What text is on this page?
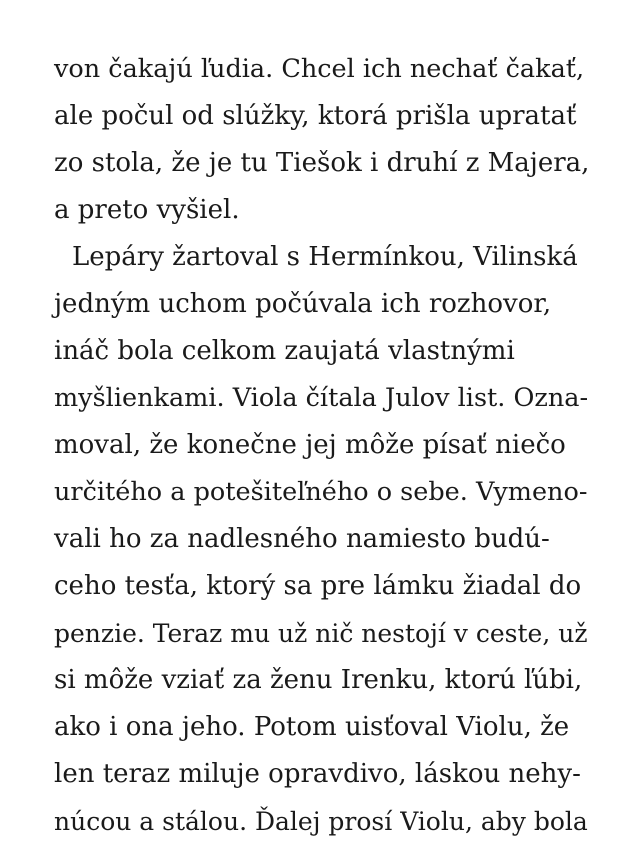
von čakajú ľudia. Chcel ich nechať čakať,
ale počul od slúžky, ktorá prišla upratať
zo stola, že je tu Tiešok i druhí z Majera,
a preto vyšiel.
Lepáry žartoval s Hermínkou, Vilinská
jedným uchom počúvala ich rozhovor,
ináč bola celkom zaujatá vlastnými
myšlienkami. Viola čítala Julov list. Ozna-
moval, že konečne jej môže písať niečo
určitého a potešiteľného o sebe. Vymeno-
vali ho za nadlesného namiesto budú-
ceho tesťa, ktorý sa pre lámku žiadal do
penzie. Teraz mu už nič nestojí v ceste, už
si môže vziať za ženu Irenku, ktorú ľúbi,
ako i ona jeho. Potom uisťoval Violu, že
len teraz miluje opravdivo, láskou nehy-
núcou a stálou. Ďalej prosí Violu, aby bola
